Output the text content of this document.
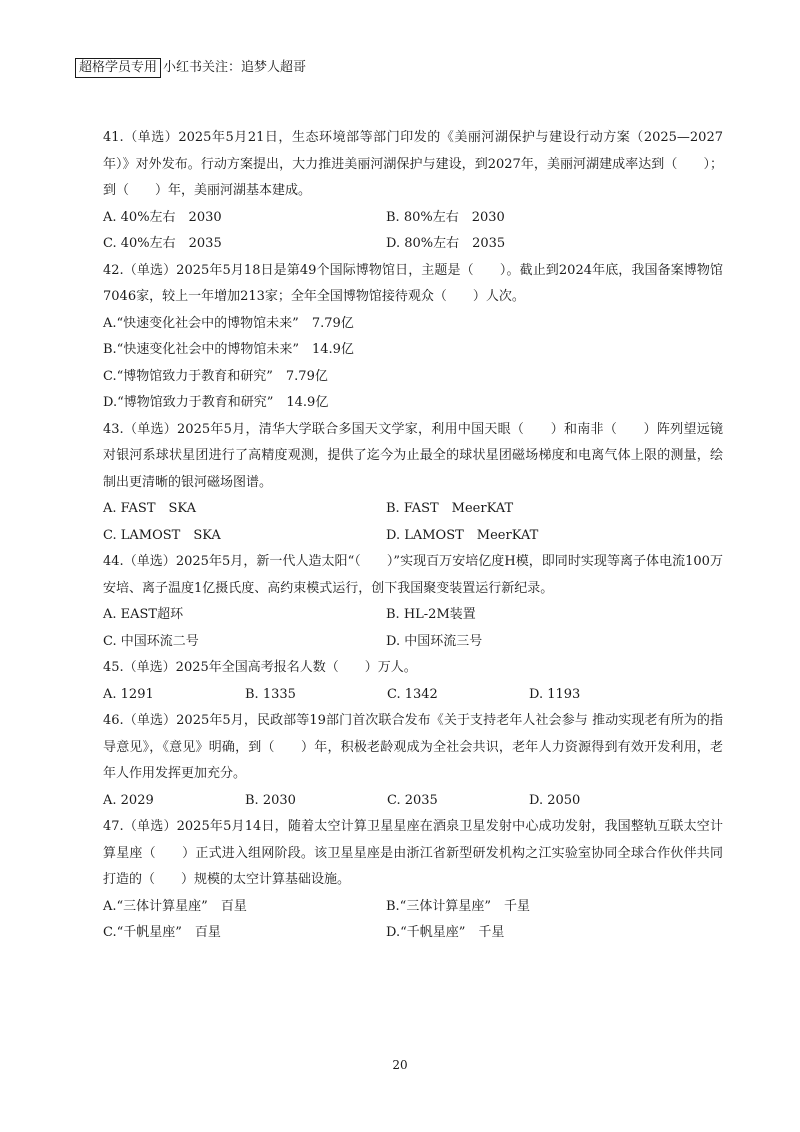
超格学员专用 小红书关注：追梦人超哥

41.（单选）2025年5月21日，生态环境部等部门印发的《美丽河湖保护与建设行动方案（2025—2027年）》对外发布。行动方案提出，大力推进美丽河湖保护与建设，到2027年，美丽河湖建成率达到（　　）；到（　　）年，美丽河湖基本建成。

A. 40%左右　2030	B. 80%左右　2030
C. 40%左右　2035	D. 80%左右　2035

42.（单选）2025年5月18日是第49个国际博物馆日，主题是（　　）。截止到2024年底，我国备案博物馆7046家，较上一年增加213家；全年全国博物馆接待观众（　　）人次。

A.“快速变化社会中的博物馆未来”　7.79亿
B.“快速变化社会中的博物馆未来”　14.9亿
C.“博物馆致力于教育和研究”　7.79亿
D.“博物馆致力于教育和研究”　14.9亿

43.（单选）2025年5月，清华大学联合多国天文学家，利用中国天眼（　　）和南非（　　）阵列望远镜对银河系球状星团进行了高精度观测，提供了迄今为止最全的球状星团磁场梯度和电离气体上限的测量，绘制出更清晰的银河磁场图谱。

A. FAST　SKA	B. FAST　MeerKAT
C. LAMOST　SKA	D. LAMOST　MeerKAT

44.（单选）2025年5月，新一代人造太阳“（　　）”实现百万安培亿度H模，即同时实现等离子体电流100万安培、离子温度1亿摄氏度、高约束模式运行，创下我国聚变装置运行新纪录。

A. EAST超环	B. HL-2M装置
C. 中国环流二号	D. 中国环流三号

45.（单选）2025年全国高考报名人数（　　）万人。

A. 1291	B. 1335	C. 1342	D. 1193

46.（单选）2025年5月，民政部等19部门首次联合发布《关于支持老年人社会参与 推动实现老有所为的指导意见》，《意见》明确，到（　　）年，积极老龄观成为全社会共识，老年人力资源得到有效开发利用，老年人作用发挥更加充分。

A. 2029	B. 2030	C. 2035	D. 2050

47.（单选）2025年5月14日，随着太空计算卫星星座在酒泉卫星发射中心成功发射，我国整轨互联太空计算星座（　　）正式进入组网阶段。该卫星星座是由浙江省新型研发机构之江实验室协同全球合作伙伴共同打造的（　　）规模的太空计算基础设施。

A.“三体计算星座”　百星	B.“三体计算星座”　千星
C.“千帆星座”　百星	D.“千帆星座”　千星
20
